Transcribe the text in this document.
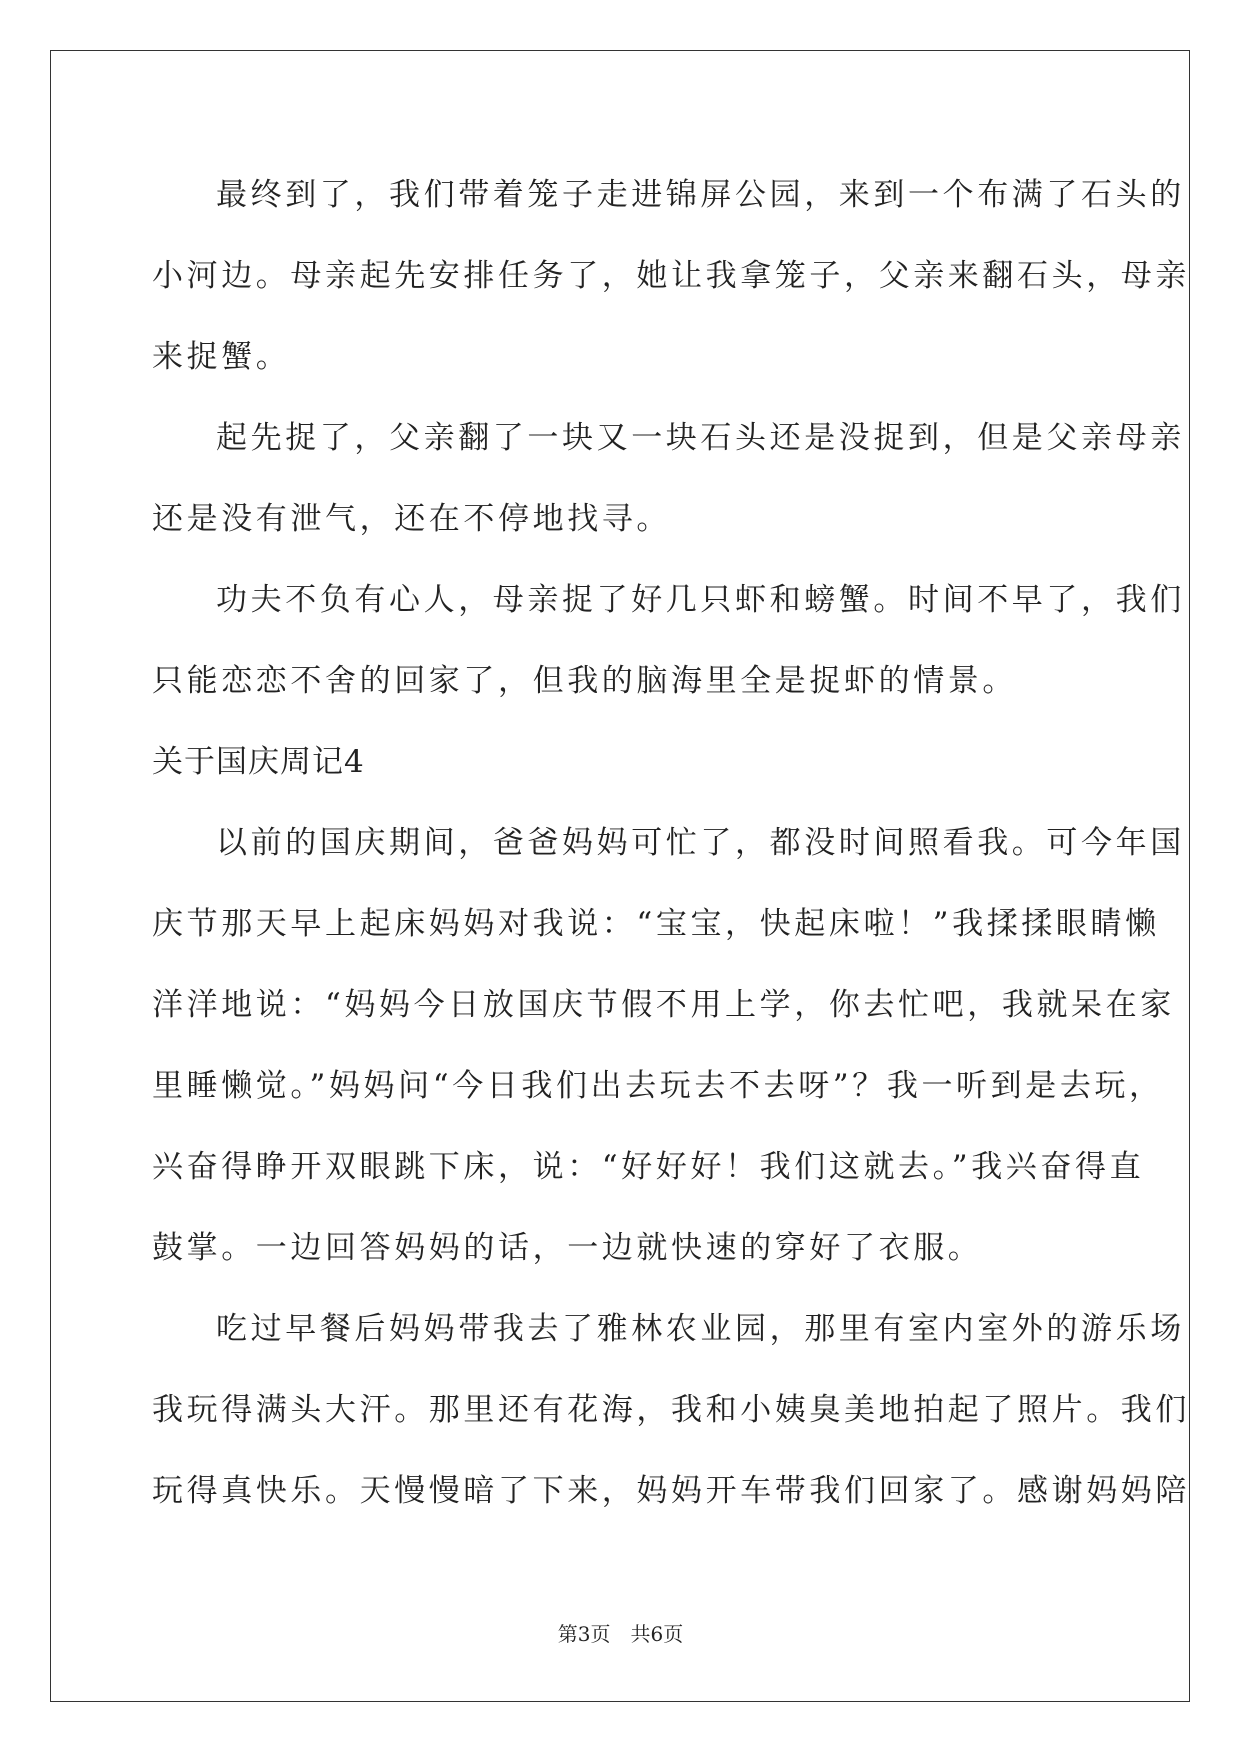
最终到了，我们带着笼子走进锦屏公园，来到一个布满了石头的
小河边。母亲起先安排任务了，她让我拿笼子，父亲来翻石头，母亲
来捉蟹。
起先捉了，父亲翻了一块又一块石头还是没捉到，但是父亲母亲
还是没有泄气，还在不停地找寻。
功夫不负有心人，母亲捉了好几只虾和螃蟹。时间不早了，我们
只能恋恋不舍的回家了，但我的脑海里全是捉虾的情景。
关于国庆周记4
以前的国庆期间，爸爸妈妈可忙了，都没时间照看我。可今年国
庆节那天早上起床妈妈对我说：“宝宝，快起床啦！”我揉揉眼睛懒
洋洋地说：“妈妈今日放国庆节假不用上学，你去忙吧，我就呆在家
里睡懒觉。”妈妈问“今日我们出去玩去不去呀”？我一听到是去玩，
兴奋得睁开双眼跳下床，说：“好好好！我们这就去。”我兴奋得直
鼓掌。一边回答妈妈的话，一边就快速的穿好了衣服。
吃过早餐后妈妈带我去了雅林农业园，那里有室内室外的游乐场
我玩得满头大汗。那里还有花海，我和小姨臭美地拍起了照片。我们
玩得真快乐。天慢慢暗了下来，妈妈开车带我们回家了。感谢妈妈陪
第3页 共6页
